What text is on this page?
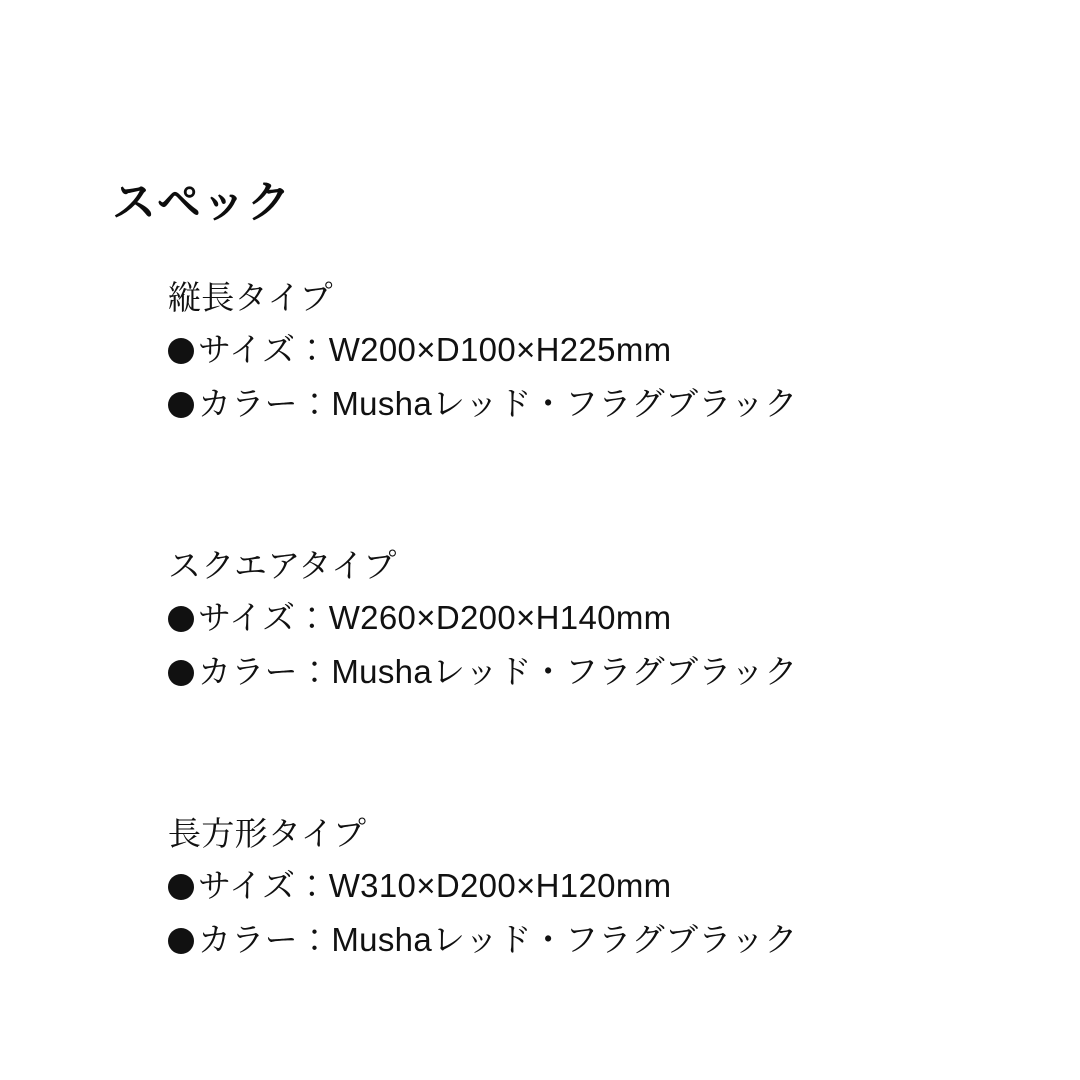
スペック
縦長タイプ
サイズ：W200×D100×H225mm
カラー：Mushaレッド・フラグブラック
スクエアタイプ
サイズ：W260×D200×H140mm
カラー：Mushaレッド・フラグブラック
長方形タイプ
サイズ：W310×D200×H120mm
カラー：Mushaレッド・フラグブラック
